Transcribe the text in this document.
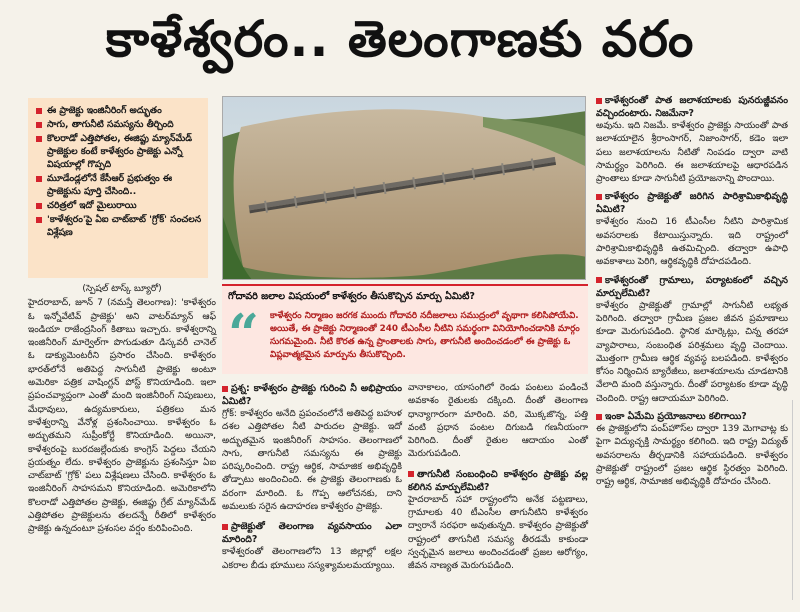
కాళేశ్వరం.. తెలంగాణకు వరం
ఈ ప్రాజెక్టు ఇంజినీరింగ్ అద్భుతం
సాగు, తాగునీటి సమస్యను తీర్చింది
కొలరాడో ఎత్తిపోతల, ఈజిప్టు మ్యాన్‌మేడ్ ప్రాజెక్టుల కంటే కాళేశ్వరం ప్రాజెక్టు ఎన్నో విషయాల్లో గొప్పది
మూడేండ్లలోనే కేసీఆర్ ప్రభుత్వం ఈ ప్రాజెక్టును పూర్తి చేసింది..
చరిత్రలో ఇదో మైలురాయి
'కాళేశ్వరం'పై ఏఐ చాట్‌బాట్ 'గ్రోక్' సంచలన విశ్లేషణ
(స్పెషల్ టాస్క్ బ్యూరో)
హైదరాబాద్, జూన్ 7 (నమస్తే తెలంగాణ): 'కాళేశ్వరం ఓ ఇన్నోవేటివ్ ప్రాజెక్టు' అని వాటర్‌మ్యాన్ ఆఫ్ ఇండియా రాజేంద్రసింగ్ కితాబు ఇచ్చారు. కాళేశ్వరాన్ని ఇంజినీరింగ్ మార్వెల్‌గా పొగుడుతూ డిస్కవరీ చానెల్ ఓ డాక్యుమెంటరీని ప్రసారం చేసింది. కాళేశ్వరం భారత్‌లోనే అతిపెద్ద సాగునీటి ప్రాజెక్టు అంటూ అమెరికా పత్రిక వాషింగ్టన్ పోస్ట్ కొనియాడింది. ఇలా ప్రపంచవ్యాప్తంగా ఎంతో మంది ఇంజినీరింగ్ నిపుణులు, మేధావులు, ఉద్యమకారులు, పత్రికలు మన కాళేశ్వరాన్ని వేనోళ్ల ప్రశంసించాయి. కాళేశ్వరం ఓ అద్భుతమని సుప్రీంకోర్టే కొనియాడింది. అయినా, కాళేశ్వరంపై బురదజల్లేందుకు కాంగ్రెస్ పెద్దలు చేయని ప్రయత్నం లేదు. కాళేశ్వరం ప్రాజెక్టును ప్రశంసిస్తూ ఏఐ చాట్‌బాట్ 'గ్రోక్' పలు విశ్లేషణలు చేసింది. కాళేశ్వరం ఓ ఇంజినీరింగ్ సాహసమని కొనియాడింది. అమెరికాలోని కొలరాడో ఎత్తిపోతల ప్రాజెక్టు, ఈజిప్టు గ్రేట్ మ్యాన్‌మేడ్ ఎత్తిపోతల ప్రాజెక్టులను తలదన్నే రీతిలో కాళేశ్వరం ప్రాజెక్టు ఉన్నదంటూ ప్రశంసల వర్షం కురిపించింది.
గోదావరి జలాల విషయంలో కాళేశ్వరం తీసుకొచ్చిన మార్పు ఏమిటి?
“	కాళేశ్వరం నిర్మాణం జరగక ముందు గోదావరి నదీజలాలు సముద్రంలో వృథాగా కలిసిపోయేవి. అయితే, ఈ ప్రాజెక్టు నిర్మాణంతో 240 టీఎంసీల నీటిని సమర్థంగా వినియోగించడానికి మార్గం సుగమమైంది. నీటి కొరత ఉన్న ప్రాంతాలకు సాగు, తాగునీటి అందించడంలో ఈ ప్రాజెక్టు ఓ విప్లవాత్మకమైన మార్పును తీసుకొచ్చింది.
ప్రశ్న: కాళేశ్వరం ప్రాజెక్టు గురించి నీ అభిప్రాయం ఏమిటి?
గ్రోక్: కాళేశ్వరం అనేది ప్రపంచంలోనే అతిపెద్ద బహుళ దశల ఎత్తిపోతల నీటి పారుదల ప్రాజెక్టు. ఇదో అద్భుతమైన ఇంజినీరింగ్ సాహసం. తెలంగాణలో సాగు, తాగునీటి సమస్యను ఈ ప్రాజెక్టు పరిష్కరించింది. రాష్ట్ర ఆర్థిక, సామాజిక అభివృద్ధికి తోడ్పాటు అందించింది. ఈ ప్రాజెక్టు తెలంగాణకు ఓ వరంగా మారింది. ఓ గొప్ప ఆలోచనకు, దాని అమలుకు సరైన ఉదాహరణ కాళేశ్వరం ప్రాజెక్టు.
ప్రాజెక్టుతో తెలంగాణ వ్యవసాయం ఎలా మారింది?
కాళేశ్వరంతో తెలంగాణలోని 13 జిల్లాల్లో లక్షల ఎకరాల బీడు భూములు సస్యశ్యామలమయ్యాయి.
వానాకాలం, యాసంగిలో రెండు పంటలు పండించే అవకాశం రైతులకు దక్కింది. దీంతో తెలంగాణ ధాన్యాగారంగా మారింది. వరి, మొక్కజొన్న, పత్తి వంటి ప్రధాన పంటల దిగుబడి గణనీయంగా పెరిగింది. దీంతో రైతుల ఆదాయం ఎంతో మెరుగుపడింది.
తాగునీటి సంబంధించి కాళేశ్వరం ప్రాజెక్టు వల్ల కలిగిన మార్పులేమిటి?
హైదరాబాద్ సహా రాష్ట్రంలోని అనేక పట్టణాలు, గ్రామాలకు 40 టీఎంసీల తాగునీటిని కాళేశ్వరం ద్వారానే సరఫరా అవుతున్నది. కాళేశ్వరం ప్రాజెక్టుతో రాష్ట్రంలో తాగునీటి సమస్య తీరడమే కాకుండా స్వచ్ఛమైన జలాలు అందించడంతో ప్రజల ఆరోగ్యం, జీవన నాణ్యత మెరుగుపడింది.
కాళేశ్వరంతో పాత జలాశయాలకు పునరుజ్జీవనం వచ్చిందంటారు. నిజమేనా?
అవును. ఇది నిజమే. కాళేశ్వరం ప్రాజెక్టు సాయంతో పాత జలాశయాలైన శ్రీరాంసాగర్, నిజాంసాగర్, కడెం ఇలా పలు జలాశయాలను నీటితో నింపడం ద్వారా వాటి సామర్థ్యం పెరిగింది. ఈ జలాశయాలపై ఆధారపడిన ప్రాంతాలు కూడా సాగునీటి ప్రయోజనాన్ని పొందాయి.
కాళేశ్వరం ప్రాజెక్టుతో జరిగిన పారిశ్రామికాభివృద్ధి ఏమిటి?
కాళేశ్వరం నుంచి 16 టీఎంసీల నీటిని పారిశ్రామిక అవసరాలకు కేటాయిస్తున్నారు. ఇది రాష్ట్రంలో పారిశ్రామికాభివృద్ధికి ఉతమిచ్చింది. తద్వారా ఉపాధి అవకాశాలు పెరిగి, ఆర్థికవృద్ధికి దోహదపడింది.
కాళేశ్వరంతో గ్రామాలు, పర్యాటకంలో వచ్చిన మార్పులేమిటి?
కాళేశ్వరం ప్రాజెక్టుతో గ్రామాల్లో సాగునీటి లభ్యత పెరిగింది. తద్వారా గ్రామీణ ప్రజల జీవన ప్రమాణాలు కూడా మెరుగుపడింది. స్థానిక మార్కెట్లు, చిన్న తరహా వ్యాపారాలు, సంబంధిత పరిశ్రమలు వృద్ధి చెందాయి. మొత్తంగా గ్రామీణ ఆర్థిక వ్యవస్థ బలపడింది. కాళేశ్వరం కోసం నిర్మించిన బ్యారేజీలు, జలాశయాలను చూడటానికి వేలాది మంది వస్తున్నారు. దీంతో పర్యాటకం కూడా వృద్ధి చెందింది. రాష్ట్ర ఆదాయమూ పెరిగింది.
ఇంకా ఏమేమి ప్రయోజనాలు కలిగాయి?
ఈ ప్రాజెక్టులోని పంప్‌హౌస్‌ల ద్వారా 139 మెగావాట్ల కు పైగా విద్యుచ్ఛక్తి సామర్థ్యం కలిగింది. ఇది రాష్ట్ర విద్యుత్ అవసరాలను తీర్చడానికి సహాయపడింది. కాళేశ్వరం ప్రాజెక్టుతో రాష్ట్రంలో ప్రజల ఆర్థిక స్థిరత్వం పెరిగింది. రాష్ట్ర ఆర్థిక, సామాజిక అభివృద్ధికి దోహదం చేసింది.
